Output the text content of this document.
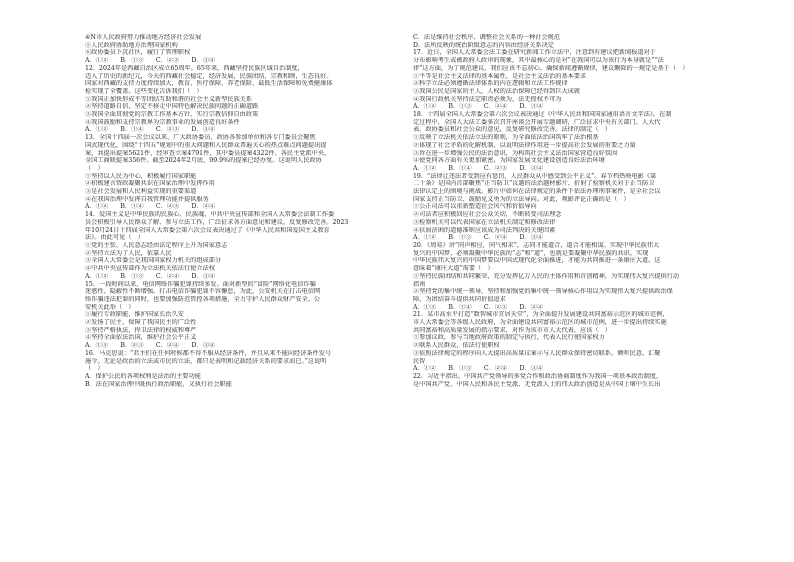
④N市人民政府努力推动地方经济社会发展
⑤人民政府协助地方治理国家机构
⑥政协委员下沉社区，履行了管理职权
A．①②　　B．①③　　C．②③　　D．③④
12．2024年是西藏自治区成立65周年。65年来，西藏坚持民族区域自治制度，
迈入了历史的新纪元，今天的西藏社会稳定，经济发展，民族团结，宗教和睦，生态良好。
国家对西藏的支持力度持续加大，教育、医疗保障、养老保险、最低生活保障和免费健康体
检实现了全覆盖。这些变化告诉我们（　）
①我国正加快形成平等团结互助和谐的社会主义新型民族关系
②坚持道路自信，坚定不移走中国特色解决民族问题的正确道路
③我国全面贯彻党的宗教工作基本方针，实行宗教信仰自由政策
④我国鼓励和支持宗教界为宗教事业的发展创造良好条件
A．①②　　B．①④　　C．②③　　D．③④
13．全国十四届一次会议以来，广大政协委员、政协各参加单位和各专门委员会聚焦
国式现代化，围绕“十四五”规划中的重大问题和人民群众普遍关心的热点难点问题提出提
案，共提出提案5621件，经审查立案4791件，其中委员提案4322件。各民主党派中央、
全国工商联提案356件。截至2024年2月底，99.9%的提案已经办复。这说明人民政协
（　）
①坚持以人民为中心，积极履行国家职能
②积极建言资政凝聚共识在国家治理中发挥作用
③是社会发展和人民利益实现的重要渠道
④在我国治理中发挥自我管理功能并提供服务
A．①②　　B．①④　　C．②③　　D．②④
14．爱国主义是中华民族的民族心、民族魂，中共中央宣传部和全国人大常委会法制工作委
员会积极引导人民群众了解、参与立法工作，广泛征求各方面意见和建议，反复修改完善。2023
年10月24日十四届全国人大常委会第六次会议表决通过了《中华人民共和国爱国主义教育
法》。由此可见（　）
①党的主张、人民意志经由法定程序上升为国家意志
②坚持立法为了人民，依靠人民
③全国人大常委会是我国国家权力机关的组成部分
④中共中央宣传部作为立法机关依法行使立法权
A．①②　　B．①③　　C．②④　　D．③④
15．一段时间以来，电信网络诈骗犯罪持续多发。面对新型的“冒险”网络化电信诈骗
迷惑性、隐蔽性不断增强。打击电信诈骗犯罪不容懈怠，为此，公安机关在打击电信网
络诈骗违法犯罪的同时，也要加强防范管控各项措施，全力守护人民群众财产安全。公
安机关此举（　）
①履行专政职能，维护国家长治久安
②发扬了民主，保障了我国民主的广泛性
③坚持严格执法，捍卫法律的权威和尊严
④坚持全面依法治国，维护社会公平正义
A．①③　　B．②③　　C．②④　　D．③④
16．马克思说：“君主们在任何时候都不得不服从经济条件，并且从来不能向经济条件发号
施令。无论是政治的立法或市民的立法，都只是表明和记载经济关系的要求而已。”这说明
（　）
A．保护公民的各项权利是法治的主要功能
B．法在国家治理中既执行政治职能，又执行社会职能
C．法是维持社会秩序、调整社会关系的一种社会规范
D．法所反映的统治阶级意志的内容由经济关系决定
17．近日，全国人大常委会法工委在研究新闻工作立法中，注意到有建议把新闻报道对于
分布影响考生或被政府人政审的现象，其中最核心的是对“在我国可以为该行为本身就是”“法
律”这方面，为了规范建议，我们应该不忘初心，确保新闻遵循规律，建议删除的一规定是基于（　）
①平等是社会主义法律的基本属性，是社会主义法治的基本要求
②科学立法必须遵循法律体系的内在逻辑和立法工作规律
③我国公民是国家的主人，人权的法治保障已经得到巨大成就
④我国行政机关坚持法定职责必须为，法无授权不可为
A．①②　　B．①③　　C．②④　　D．③④
18．十四届全国人大常委会第六次会议表决通过《中华人民共和国国家通用语言文字法》。在制
定过程中，全国人大法工委多次召开座谈会开展专题调研，广泛征求中央有关部门、人大代
表、政协委员和社会公众的意见，反复研究修改完善。法律的制定（　）
①反映了立法机关依法立法的原则，为全面依法治国筑牢了法治根基
②体现了社会矛盾的化解机制，以说明法律作用进一步提高社会发展的重要之力量
③旨在进一步增强公民的法治意识，为构筑社会主义法治国家营造良好氛围
④使党同各方面有关更加紧密，为国家发展文化建设创造良好法治环境
A．①②　　B．①④　　C．②③　　D．③④
19．“法律让违法者受到应有惩罚，人民群众从中感受到公平正义”。春节档热映电影《第
二十条》是国内首部聚焦“正当防卫”议题的法治题材影片，折射了检察机关对于正当防卫
法律认定上的困境与挑战。影片中如何在法律规定的条件下依法办理刑事案件，是全社会以
国家支持正当防卫、鼓励见义勇为的立法导向。对此，观影评论正确的是（　）
①公正司法可以重新塑造社会风气和价值导向
②司法者应积极回应社会公众关切，不断转变司法理念
③检察机关可以代表国家在立法机关制定和修改法律
④扶弱济困的道德准则应该成为司法判决的关键因素
A．①②　　B．①③　　C．②④　　D．③④
20．《周易》讲“同声相应，同气相求”，志同才能道合，道合才能相谋。实现中华民族伟大
复兴的中国梦，必须凝聚中华民族的“志”和“道”，也就是要凝聚中华民族的共识。实现
中华民族伟大复兴的中国梦要以中国式现代化全面推进，才能为共同推进一条康庄大道。这
意味着“康庄大道”需要（　）
①坚持民族团结和共同繁荣，充分发挥亿万人民的主体作用和首创精神，为实现伟大复兴提供行动
指南
②坚持党的集中统一领导，坚持和加强党的集中统一领导核心作用以为实现伟大复兴提供政治保
障，为团结奋斗提供共同价值追求
A．①③　　B．①④　　C．②③　　D．②④
21．某市高水平打造“数智城市宜居天堂”，为全面提升发展建设共同富裕示范区的城市范例，
市人大常委会等各级人民政府，为全面建设共同富裕示范区的城市范例，进一步提出持续实施
共同富裕和高质量发展的指示要求，对作为该市市人大代表，应该（　）
①参加议政，参与当地政府政策的制定与执行，代表人民行使国家权力
②联系人民群众，依法行使职权
③依照法律规定的程序向人大提出高质量议案④与人民群众保持密切联系，倾听民意、汇聚
民智
A．①②　　B．①③　　C．②④　　D．③④
22．习近平指出，中国共产党领导的多党合作和政治协商制度作为我国一项基本政治制度，
是中国共产党、中国人民和各民主党派、无党派人士的伟大政治创造是从中国土壤中生长出
